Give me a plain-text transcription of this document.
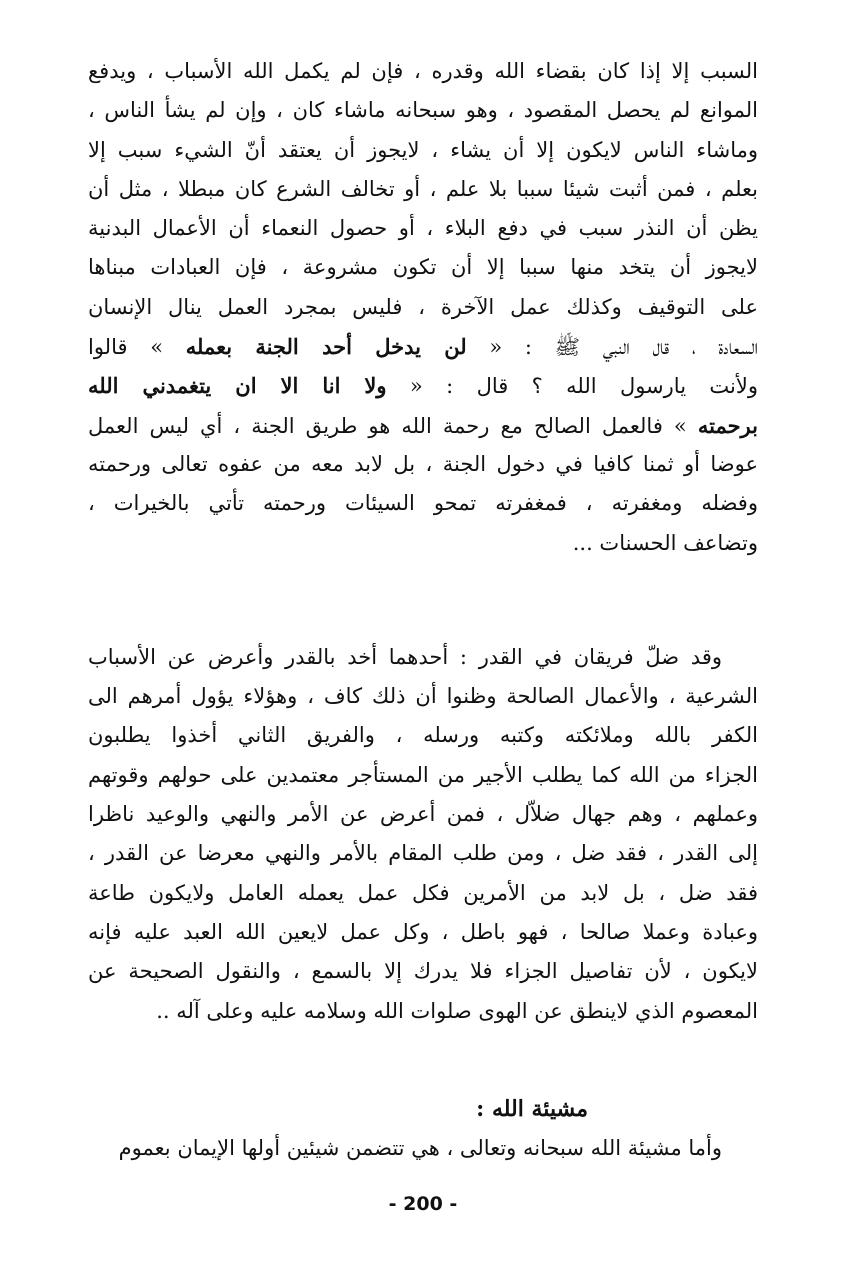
السبب إلا إذا كان بقضاء الله وقدره ، فإن لم يكمل الله الأسباب ، ويدفع
الموانع لم يحصل المقصود ، وهو سبحانه ماشاء كان ، وإن لم يشأ الناس ،
وماشاء الناس لايكون إلا أن يشاء ، لايجوز أن يعتقد أنّ الشيء سبب إلا
بعلم ، فمن أثبت شيئا سببا بلا علم ، أو تخالف الشرع كان مبطلا ، مثل أن
يظن أن النذر سبب في دفع البلاء ، أو حصول النعماء أن الأعمال البدنية
لايجوز أن يتخد منها سببا إلا أن تكون مشروعة ، فإن العبادات مبناها
على التوقيف وكذلك عمل الآخرة ، فليس بمجرد العمل ينال الإنسان
السعادة ، قال النبي ﷺ : « لن يدخل أحد الجنة بعمله » قالوا
ولأنت يارسول الله ؟ قال : « ولا انا الا ان يتغمدني الله
برحمته » فالعمل الصالح مع رحمة الله هو طريق الجنة ، أي ليس العمل
عوضا أو ثمنا كافيا في دخول الجنة ، بل لابد معه من عفوه تعالى ورحمته
وفضله ومغفرته ، فمغفرته تمحو السيئات ورحمته تأتي بالخيرات ،
وتضاعف الحسنات ...
وقد ضلّ فريقان في القدر : أحدهما أخد بالقدر وأعرض عن الأسباب
الشرعية ، والأعمال الصالحة وظنوا أن ذلك كاف ، وهؤلاء يؤول أمرهم الى
الكفر بالله وملائكته وكتبه ورسله ، والفريق الثاني أخذوا يطلبون
الجزاء من الله كما يطلب الأجير من المستأجر معتمدين على حولهم وقوتهم
وعملهم ، وهم جهال ضلاّل ، فمن أعرض عن الأمر والنهي والوعيد ناظرا
إلى القدر ، فقد ضل ، ومن طلب المقام بالأمر والنهي معرضا عن القدر ،
فقد ضل ، بل لابد من الأمرين فكل عمل يعمله العامل ولايكون طاعة
وعبادة وعملا صالحا ، فهو باطل ، وكل عمل لايعين الله العبد عليه فإنه
لايكون ، لأن تفاصيل الجزاء فلا يدرك إلا بالسمع ، والنقول الصحيحة عن
المعصوم الذي لاينطق عن الهوى صلوات الله وسلامه عليه وعلى آله ..
مشيئة الله :
وأما مشيئة الله سبحانه وتعالى ، هي تتضمن شيئين أولها الإيمان بعموم
- 200 -
